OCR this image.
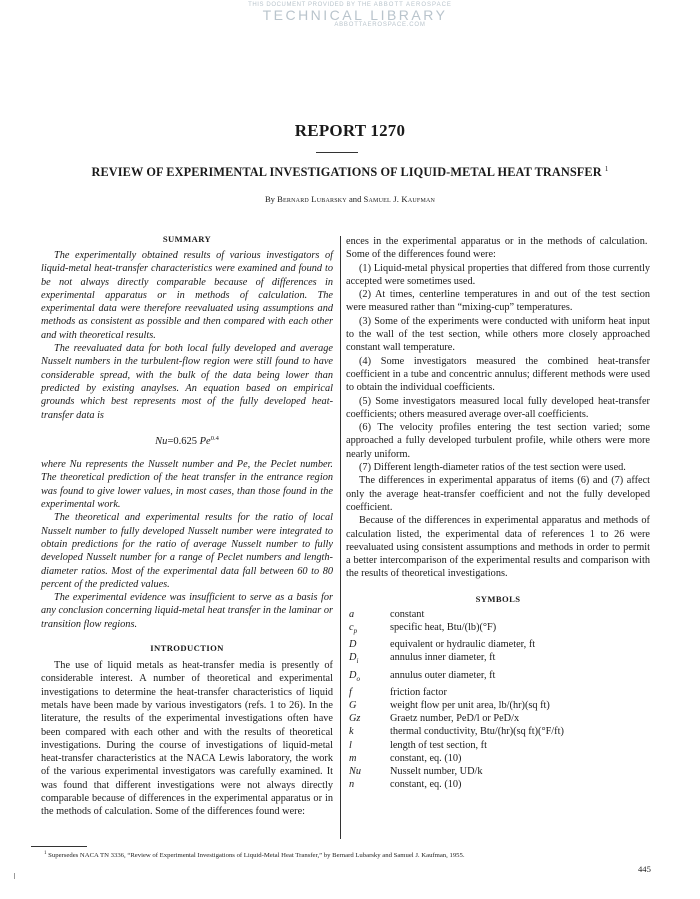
THIS DOCUMENT PROVIDED BY THE ABBOTT AEROSPACE
TECHNICAL LIBRARY
ABBOTTAEROSPACE.COM
REPORT 1270
REVIEW OF EXPERIMENTAL INVESTIGATIONS OF LIQUID-METAL HEAT TRANSFER $^1$
By Bernard Lubarsky and Samuel J. Kaufman
SUMMARY

The experimentally obtained results of various investigators of liquid-metal heat-transfer characteristics were examined and found to be not always directly comparable because of differences in experimental apparatus or in methods of calculation. The experimental data were therefore reevaluated using assumptions and methods as consistent as possible and then compared with each other and with theoretical results.

The reevaluated data for both local fully developed and average Nusselt numbers in the turbulent-flow region were still found to have considerable spread, with the bulk of the data being lower than predicted by existing anaylses. An equation based on empirical grounds which best represents most of the fully developed heat-transfer data is

Nu=0.625 $Pe^{0.4}$

where Nu represents the Nusselt number and Pe, the Peclet number. The theoretical prediction of the heat transfer in the entrance region was found to give lower values, in most cases, than those found in the experimental work.

The theoretical and experimental results for the ratio of local Nusselt number to fully developed Nusselt number were integrated to obtain predictions for the ratio of average Nusselt number to fully developed Nusselt number for a range of Peclet numbers and length-diameter ratios. Most of the experimental data fall between 60 to 80 percent of the predicted values.

The experimental evidence was insufficient to serve as a basis for any conclusion concerning liquid-metal heat transfer in the laminar or transition flow regions.

INTRODUCTION

The use of liquid metals as heat-transfer media is presently of considerable interest. A number of theoretical and experimental investigations to determine the heat-transfer characteristics of liquid metals have been made by various investigators (refs. 1 to 26). In the literature, the results of the experimental investigations often have been compared with each other and with the results of theoretical investigations. During the course of investigations of liquid-metal heat-transfer characteristics at the NACA Lewis laboratory, the work of the various experimental investigators was carefully examined. It was found that different investigations were not always directly comparable because of differences in the experimental apparatus or in the methods of calculation. Some of the differences found were:

ences in the experimental apparatus or in the methods of calculation.  Some of the differences found were:

(1) Liquid-metal physical properties that differed from those currently accepted were sometimes used.

(2) At times, centerline temperatures in and out of the test section were measured rather than “mixing-cup” temperatures.

(3) Some of the experiments were conducted with uniform heat input to the wall of the test section, while others more closely approached constant wall temperature.

(4) Some investigators measured the combined heat-transfer coefficient in a tube and concentric annulus; different methods were used to obtain the individual coefficients.

(5) Some investigators measured local fully developed heat-transfer coefficients; others measured average over-all coefficients.

(6) The velocity profiles entering the test section varied; some approached a fully developed turbulent profile, while others were more nearly uniform.

(7) Different length-diameter ratios of the test section were used.

The differences in experimental apparatus of items (6) and (7) affect only the average heat-transfer coefficient and not the fully developed coefficient.

Because of the differences in experimental apparatus and methods of calculation listed, the experimental data of references 1 to 26 were reevaluated using consistent assumptions and methods in order to permit a better intercomparison of the experimental results and comparison with the results of theoretical investigations.

SYMBOLS
a	constant
$c_p$	specific heat, Btu/(lb)(°F)
D	equivalent or hydraulic diameter, ft
$D_i$	annulus inner diameter, ft
$D_o$	annulus outer diameter, ft
f	friction factor
G	weight flow per unit area, lb/(hr)(sq ft)
Gz	Graetz number, PeD/l or PeD/x
k	thermal conductivity, Btu/(hr)(sq ft)(°F/ft)
l	length of test section, ft
m	constant, eq. (10)
Nu	Nusselt number, UD/k
n	constant, eq. (10)
$^1$ Supersedes NACA TN 3336, “Review of Experimental Investigations of Liquid-Metal Heat Transfer,” by Bernard Lubarsky and Samuel J. Kaufman, 1955.
445
